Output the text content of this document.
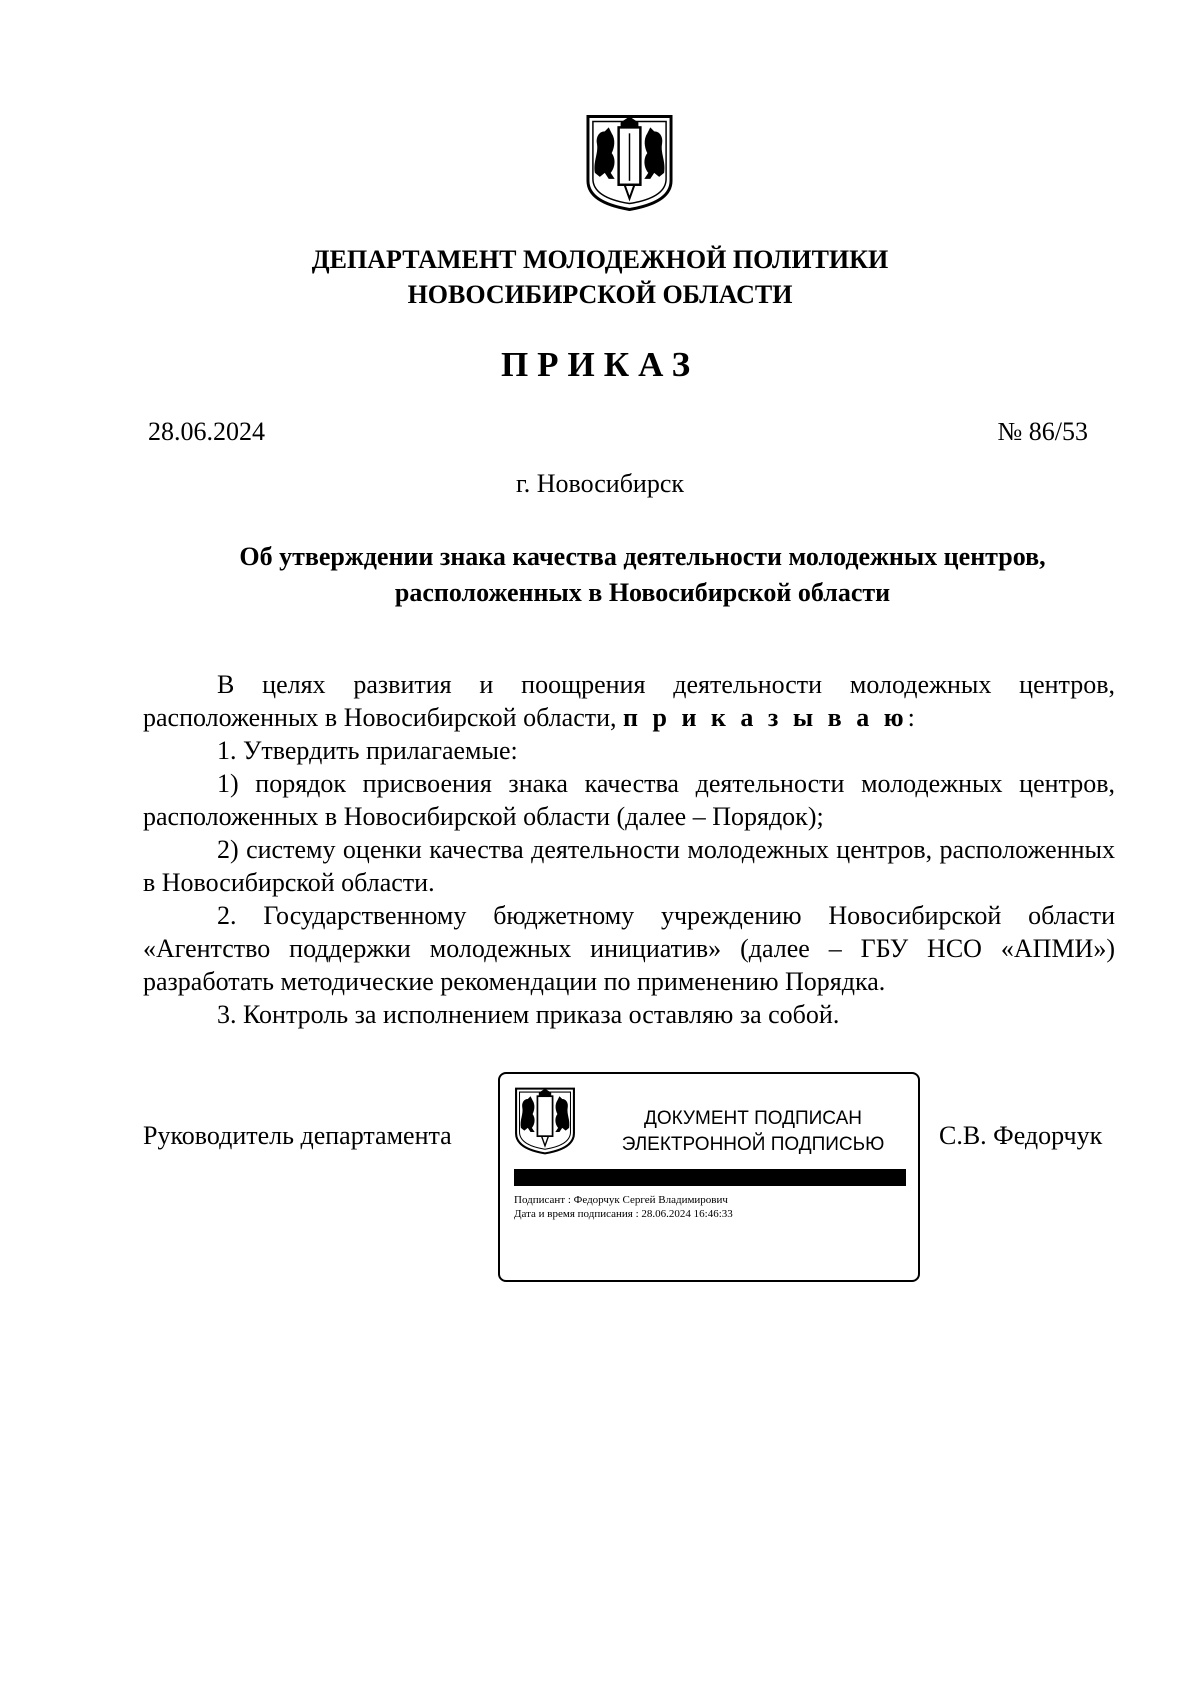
ДЕПАРТАМЕНТ МОЛОДЕЖНОЙ ПОЛИТИКИ
НОВОСИБИРСКОЙ ОБЛАСТИ
ПРИКАЗ
28.06.2024	№ 86/53
г. Новосибирск
Об утверждении знака качества деятельности молодежных центров,
расположенных в Новосибирской области

В целях развития и поощрения деятельности молодежных центров, расположенных в Новосибирской области, п р и к а з ы в а ю:

1. Утвердить прилагаемые:

1) порядок присвоения знака качества деятельности молодежных центров, расположенных в Новосибирской области (далее – Порядок);

2) систему оценки качества деятельности молодежных центров, расположенных в Новосибирской области.

2. Государственному бюджетному учреждению Новосибирской области «Агентство поддержки молодежных инициатив» (далее – ГБУ НСО «АПМИ») разработать методические рекомендации по применению Порядка.

3. Контроль за исполнением приказа оставляю за собой.

Руководитель департамента	С.В. Федорчук
ДОКУМЕНТ ПОДПИСАН
ЭЛЕКТРОННОЙ ПОДПИСЬЮ
Подписант : Федорчук Сергей Владимирович
Дата и время подписания : 28.06.2024 16:46:33
